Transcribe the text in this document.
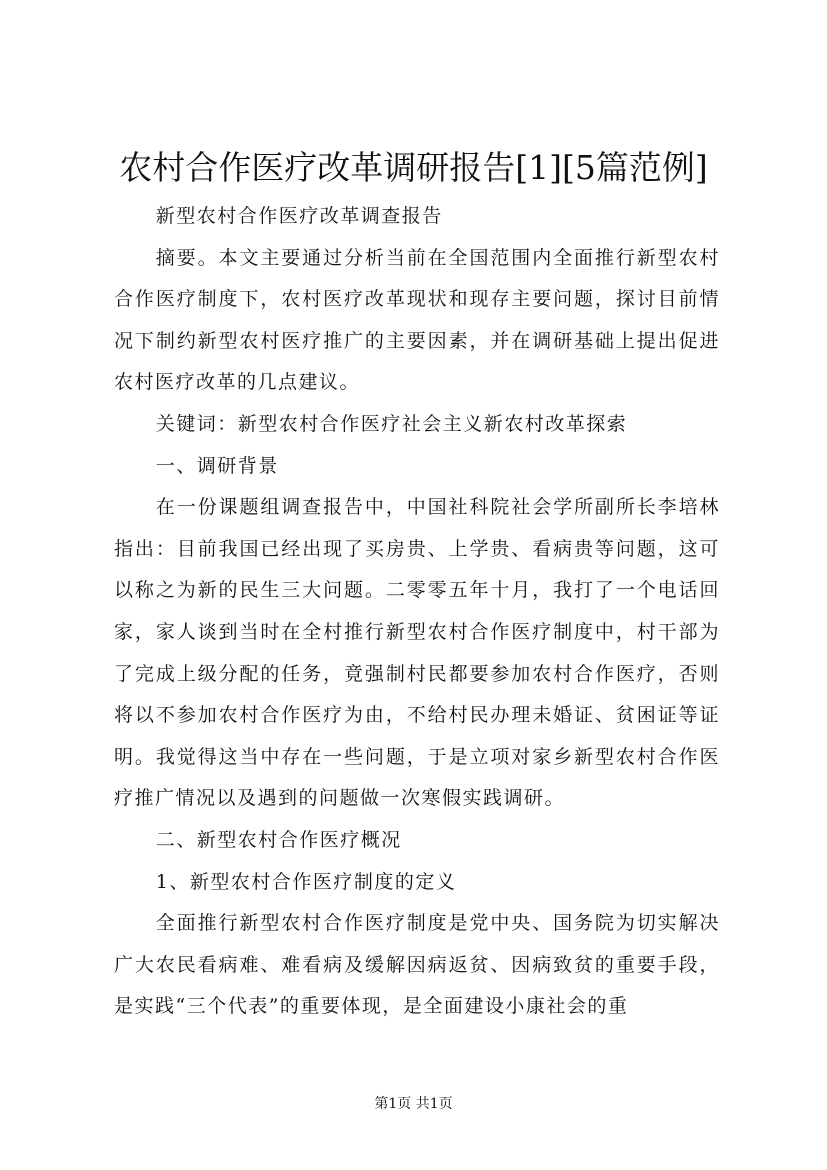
农村合作医疗改革调研报告[1][5篇范例]

新型农村合作医疗改革调查报告

摘要。本文主要通过分析当前在全国范围内全面推行新型农村合作医疗制度下，农村医疗改革现状和现存主要问题，探讨目前情况下制约新型农村医疗推广的主要因素，并在调研基础上提出促进农村医疗改革的几点建议。

关键词：新型农村合作医疗社会主义新农村改革探索

一、调研背景

在一份课题组调查报告中，中国社科院社会学所副所长李培林指出：目前我国已经出现了买房贵、上学贵、看病贵等问题，这可以称之为新的民生三大问题。二零零五年十月，我打了一个电话回家，家人谈到当时在全村推行新型农村合作医疗制度中，村干部为了完成上级分配的任务，竟强制村民都要参加农村合作医疗，否则将以不参加农村合作医疗为由，不给村民办理未婚证、贫困证等证明。我觉得这当中存在一些问题，于是立项对家乡新型农村合作医疗推广情况以及遇到的问题做一次寒假实践调研。

二、新型农村合作医疗概况

1、新型农村合作医疗制度的定义

全面推行新型农村合作医疗制度是党中央、国务院为切实解决广大农民看病难、难看病及缓解因病返贫、因病致贫的重要手段，是实践“三个代表”的重要体现，是全面建设小康社会的重

第1页 共1页
